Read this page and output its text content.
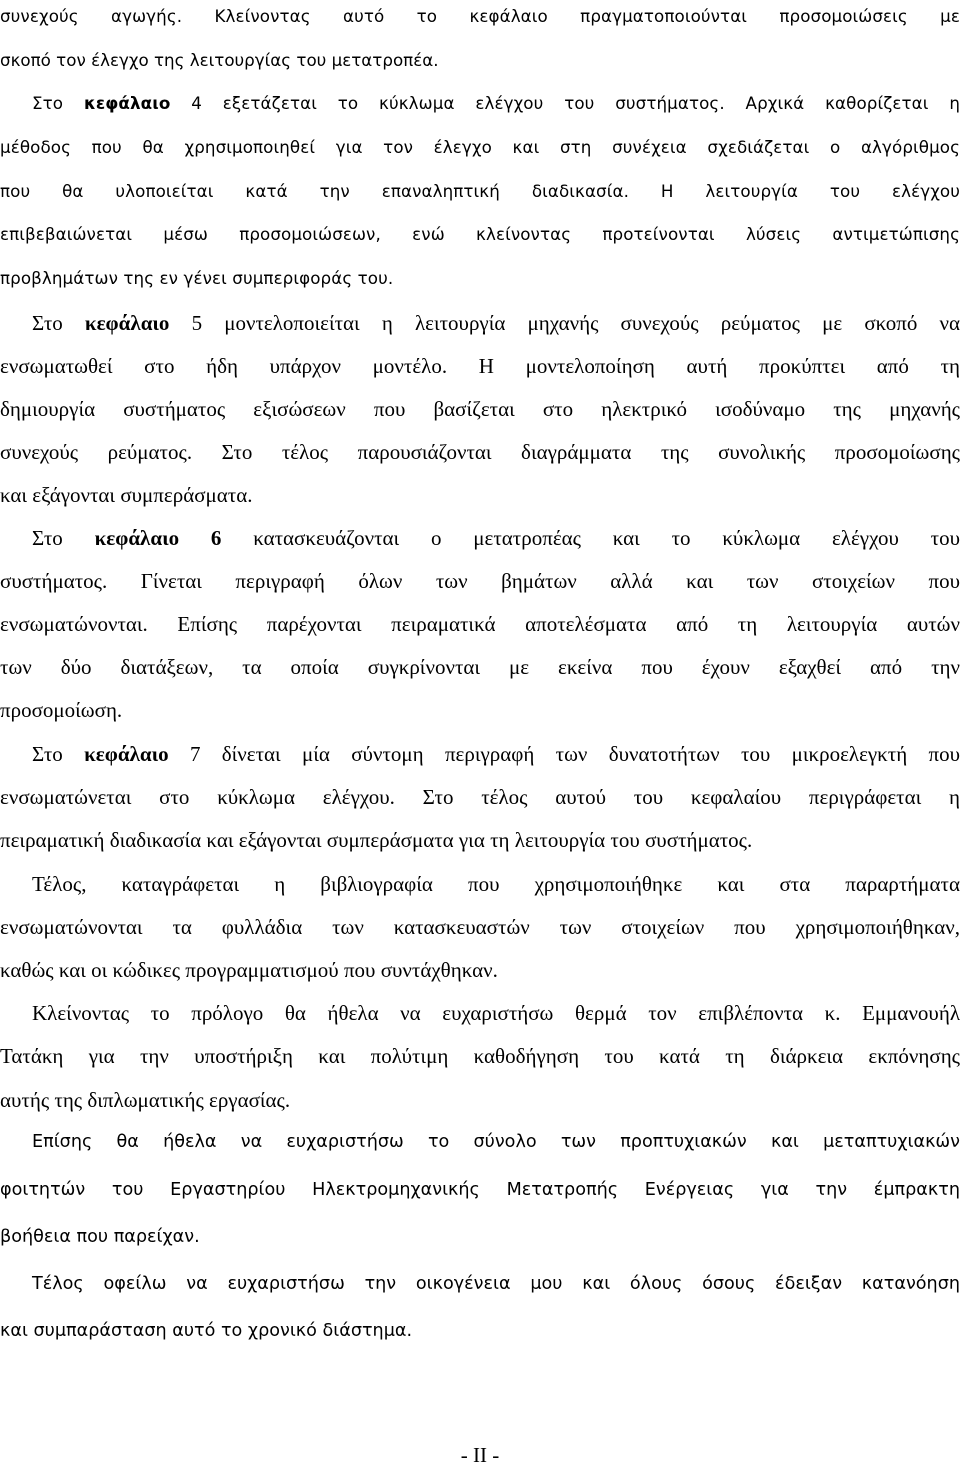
συνεχούς αγωγής. Κλείνοντας αυτό το κεφάλαιο πραγματοποιούνται προσομοιώσεις με
σκοπό τον έλεγχο της λειτουργίας του μετατροπέα.
Στο κεφάλαιο 4 εξετάζεται το κύκλωμα ελέγχου του συστήματος. Αρχικά καθορίζεται η
μέθοδος που θα χρησιμοποιηθεί για τον έλεγχο και στη συνέχεια σχεδιάζεται ο αλγόριθμος
που θα υλοποιείται κατά την επαναληπτική διαδικασία. Η λειτουργία του ελέγχου
επιβεβαιώνεται μέσω προσομοιώσεων, ενώ κλείνοντας προτείνονται λύσεις αντιμετώπισης
προβλημάτων της εν γένει συμπεριφοράς του.
Στο κεφάλαιο 5 μοντελοποιείται η λειτουργία μηχανής συνεχούς ρεύματος με σκοπό να
ενσωματωθεί στο ήδη υπάρχον μοντέλο. Η μοντελοποίηση αυτή προκύπτει από τη
δημιουργία συστήματος εξισώσεων που βασίζεται στο ηλεκτρικό ισοδύναμο της μηχανής
συνεχούς ρεύματος. Στο τέλος παρουσιάζονται διαγράμματα της συνολικής προσομοίωσης
και εξάγονται συμπεράσματα.
Στο κεφάλαιο 6 κατασκευάζονται ο μετατροπέας και το κύκλωμα ελέγχου του
συστήματος. Γίνεται περιγραφή όλων των βημάτων αλλά και των στοιχείων που
ενσωματώνονται. Επίσης παρέχονται πειραματικά αποτελέσματα από τη λειτουργία αυτών
των δύο διατάξεων, τα οποία συγκρίνονται με εκείνα που έχουν εξαχθεί από την
προσομοίωση.
Στο κεφάλαιο 7 δίνεται μία σύντομη περιγραφή των δυνατοτήτων του μικροελεγκτή που
ενσωματώνεται στο κύκλωμα ελέγχου. Στο τέλος αυτού του κεφαλαίου περιγράφεται η
πειραματική διαδικασία και εξάγονται συμπεράσματα για τη λειτουργία του συστήματος.
Τέλος, καταγράφεται η βιβλιογραφία που χρησιμοποιήθηκε και στα παραρτήματα
ενσωματώνονται τα φυλλάδια των κατασκευαστών των στοιχείων που χρησιμοποιήθηκαν,
καθώς και οι κώδικες προγραμματισμού που συντάχθηκαν.
Κλείνοντας το πρόλογο θα ήθελα να ευχαριστήσω θερμά τον επιβλέποντα κ. Εμμανουήλ
Τατάκη για την υποστήριξη και πολύτιμη καθοδήγηση του κατά τη διάρκεια εκπόνησης
αυτής της διπλωματικής εργασίας.
Επίσης θα ήθελα να ευχαριστήσω το σύνολο των προπτυχιακών και μεταπτυχιακών
φοιτητών του Εργαστηρίου Ηλεκτρομηχανικής Μετατροπής Ενέργειας για την έμπρακτη
βοήθεια που παρείχαν.
Τέλος οφείλω να ευχαριστήσω την οικογένεια μου και όλους όσους έδειξαν κατανόηση
και συμπαράσταση αυτό το χρονικό διάστημα.
- II -
